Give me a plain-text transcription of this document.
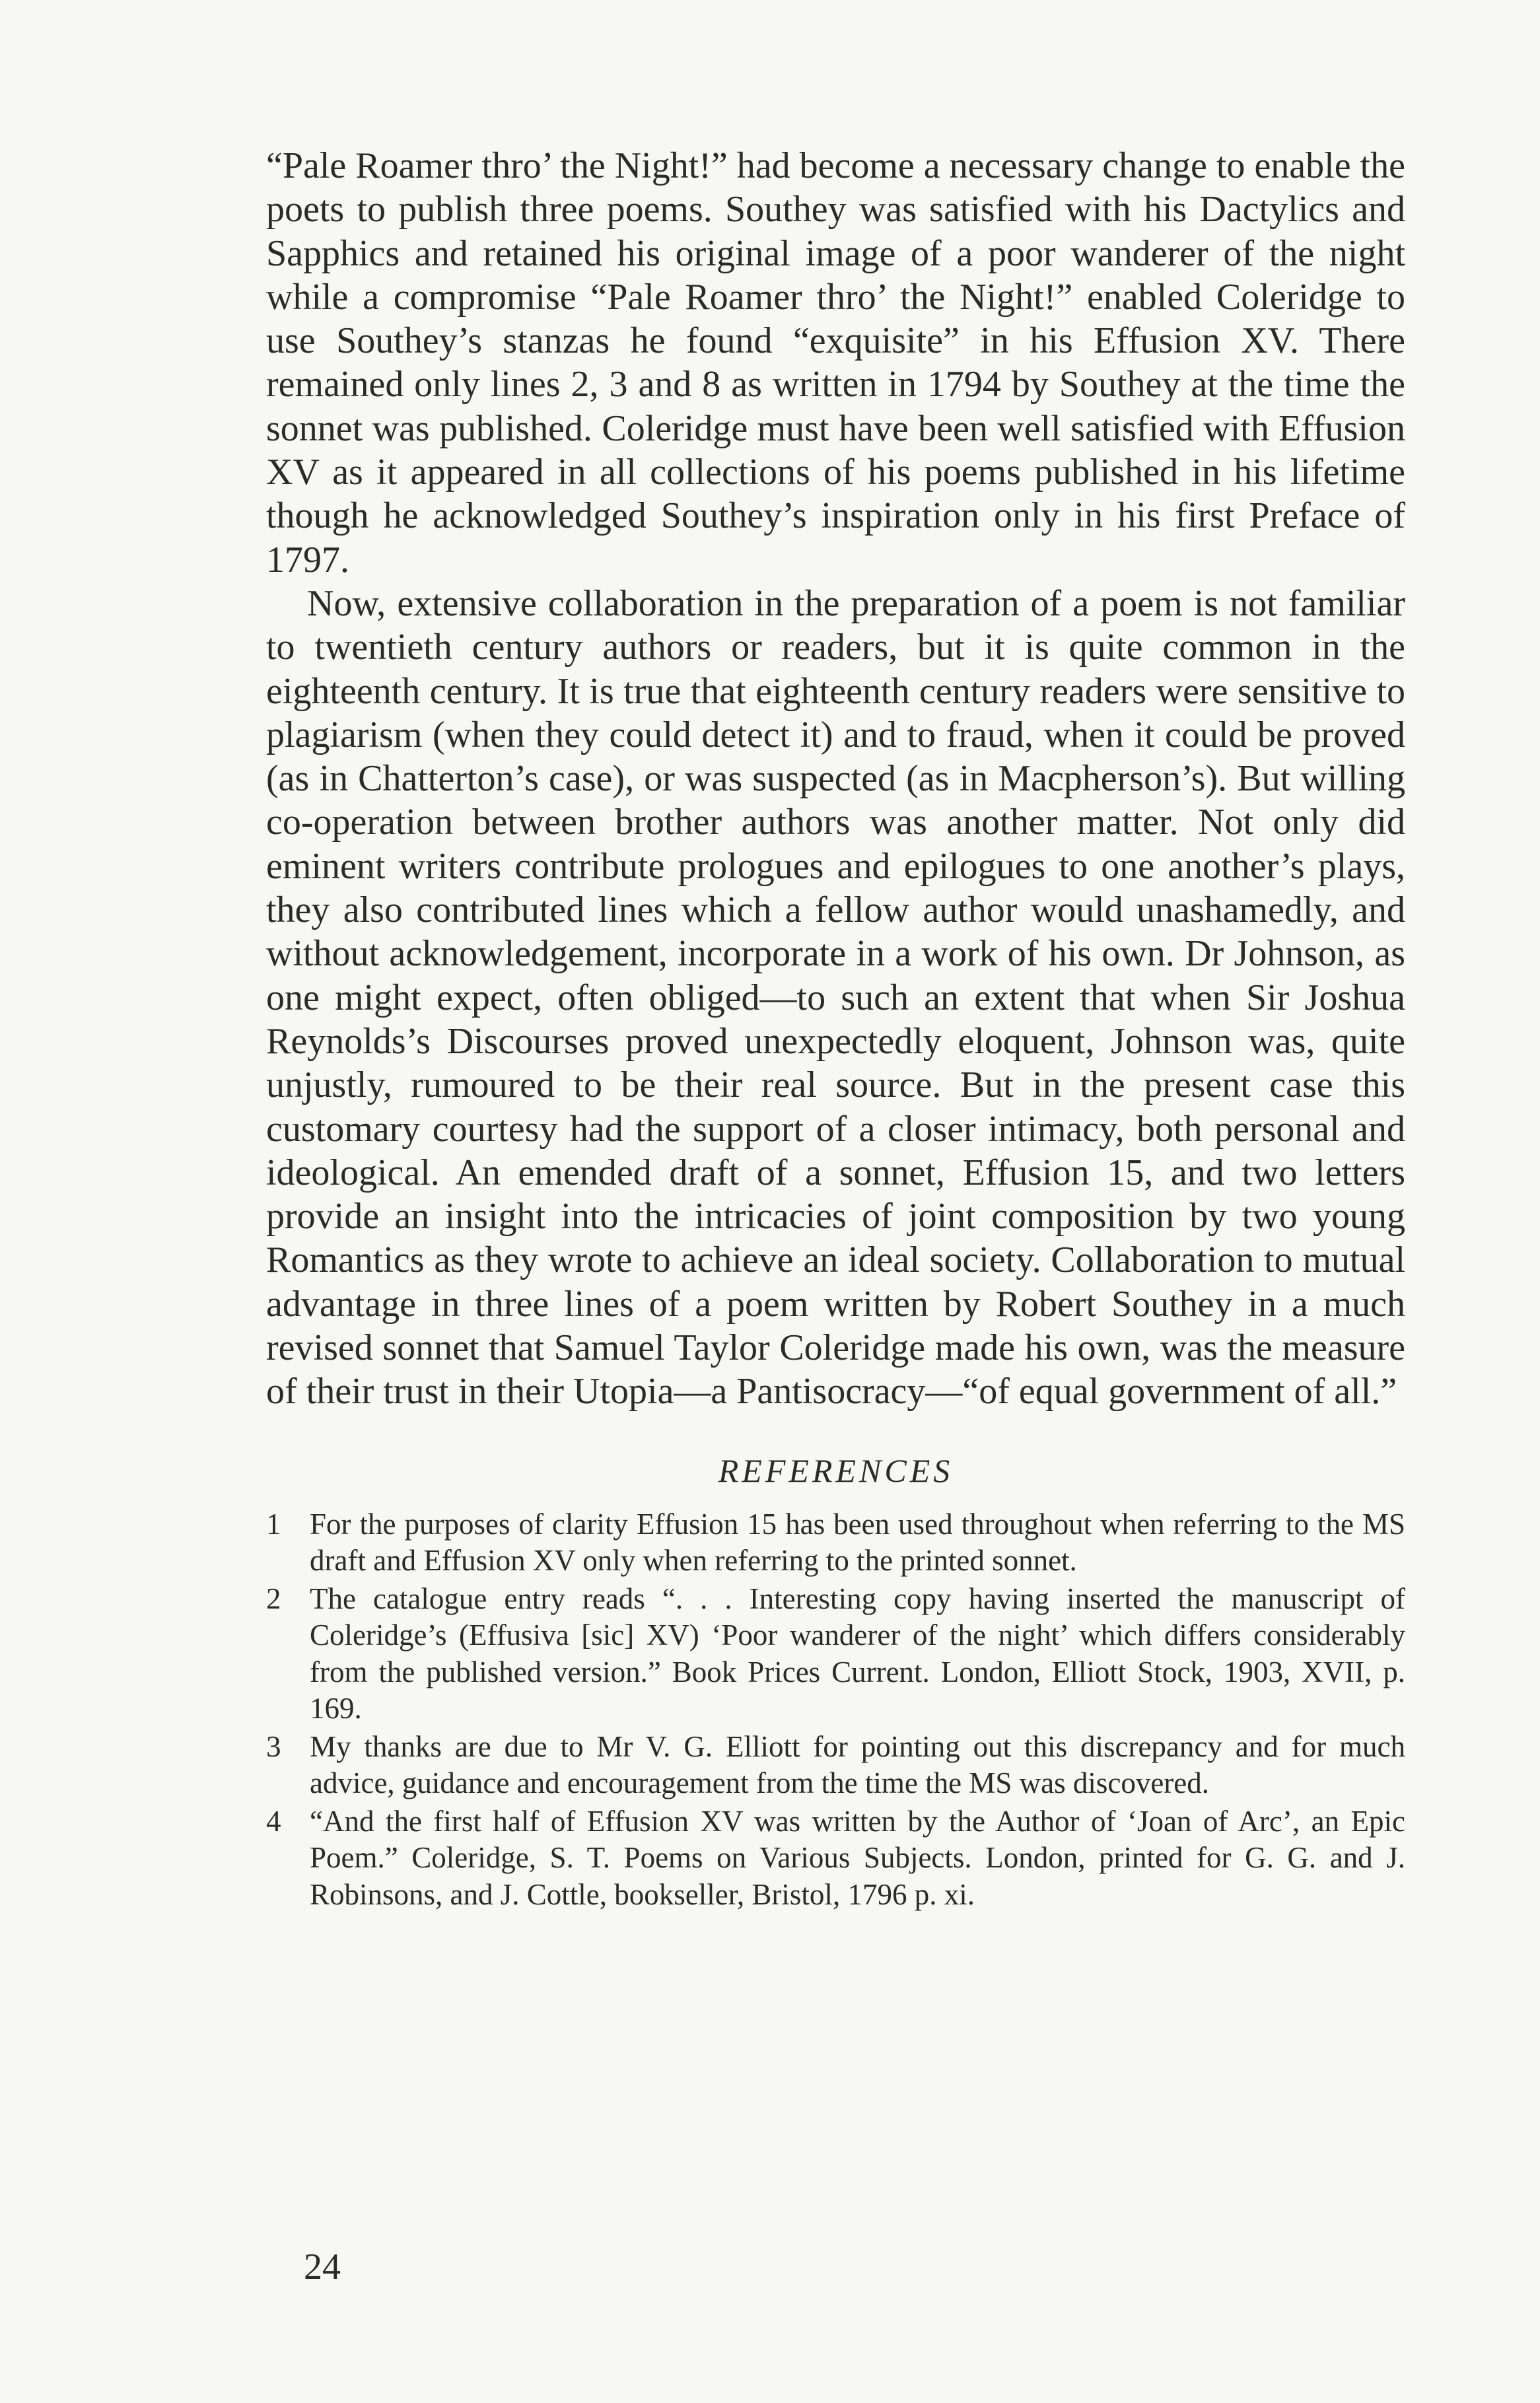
“Pale Roamer thro’ the Night!” had become a necessary change to enable the poets to publish three poems. Southey was satisfied with his Dactylics and Sapphics and retained his original image of a poor wanderer of the night while a compromise “Pale Roamer thro’ the Night!” enabled Coleridge to use Southey’s stanzas he found “exquisite” in his Effusion XV. There remained only lines 2, 3 and 8 as written in 1794 by Southey at the time the sonnet was published. Coleridge must have been well satisfied with Effusion XV as it appeared in all collections of his poems published in his lifetime though he acknowledged Southey’s inspiration only in his first Preface of 1797.

Now, extensive collaboration in the preparation of a poem is not familiar to twentieth century authors or readers, but it is quite common in the eighteenth century. It is true that eighteenth century readers were sensitive to plagiarism (when they could detect it) and to fraud, when it could be proved (as in Chatterton’s case), or was suspected (as in Macpherson’s). But willing co-operation between brother authors was another matter. Not only did eminent writers contribute prologues and epilogues to one another’s plays, they also contributed lines which a fellow author would unashamedly, and without acknowledgement, incorporate in a work of his own. Dr Johnson, as one might expect, often obliged—to such an extent that when Sir Joshua Reynolds’s Discourses proved unexpectedly eloquent, Johnson was, quite unjustly, rumoured to be their real source. But in the present case this customary courtesy had the support of a closer intimacy, both personal and ideological. An emended draft of a sonnet, Effusion 15, and two letters provide an insight into the intricacies of joint composition by two young Romantics as they wrote to achieve an ideal society. Collaboration to mutual advantage in three lines of a poem written by Robert Southey in a much revised sonnet that Samuel Taylor Coleridge made his own, was the measure of their trust in their Utopia—a Pantisocracy—“of equal government of all.”

REFERENCES
1 For the purposes of clarity Effusion 15 has been used throughout when referring to the MS draft and Effusion XV only when referring to the printed sonnet.
2 The catalogue entry reads “. . . Interesting copy having inserted the manuscript of Coleridge’s (Effusiva [sic] XV) ‘Poor wanderer of the night’ which differs considerably from the published version.” Book Prices Current. London, Elliott Stock, 1903, XVII, p. 169.
3 My thanks are due to Mr V. G. Elliott for pointing out this discrepancy and for much advice, guidance and encouragement from the time the MS was discovered.
4 “And the first half of Effusion XV was written by the Author of ‘Joan of Arc’, an Epic Poem.” Coleridge, S. T. Poems on Various Subjects. London, printed for G. G. and J. Robinsons, and J. Cottle, bookseller, Bristol, 1796 p. xi.
24
